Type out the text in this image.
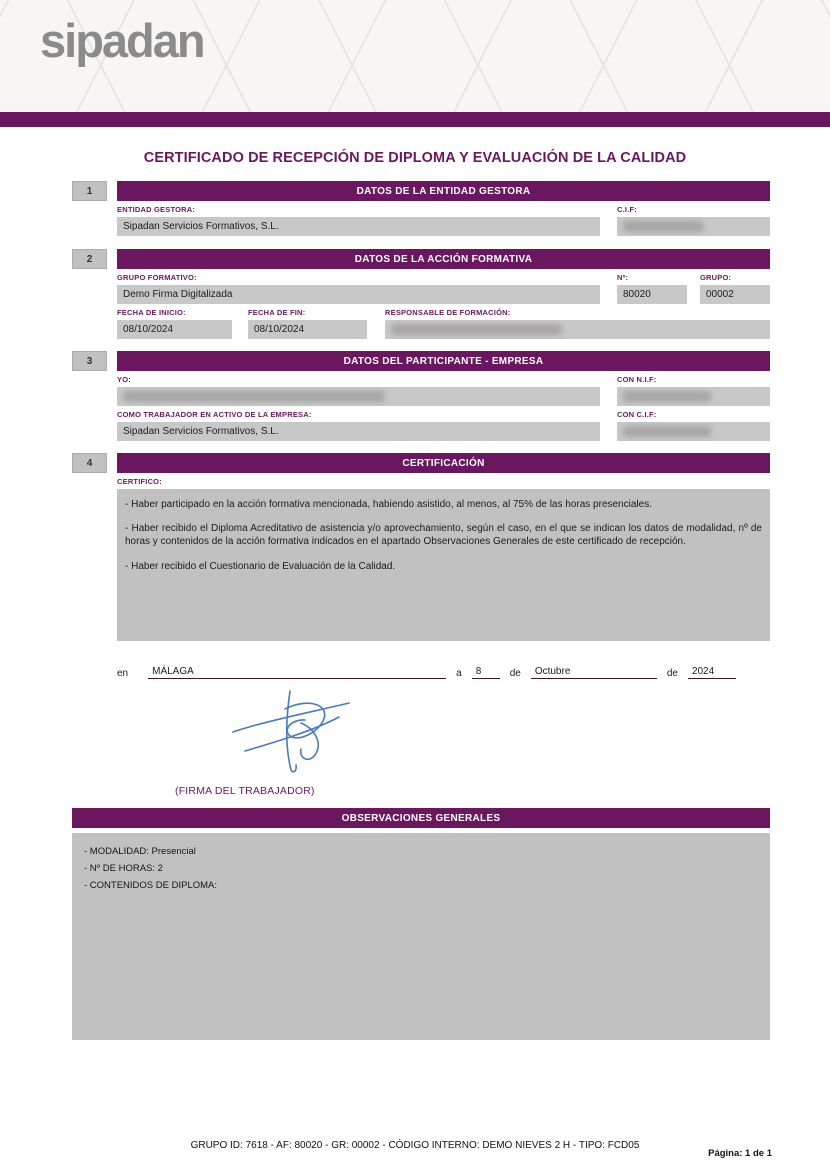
sipadan
CERTIFICADO DE RECEPCIÓN DE DIPLOMA Y EVALUACIÓN DE LA CALIDAD
1	DATOS DE LA ENTIDAD GESTORA
ENTIDAD GESTORA:
Sipadan Servicios Formativos, S.L.
C.I.F:
2	DATOS DE LA ACCIÓN FORMATIVA
GRUPO FORMATIVO:
Demo Firma Digitalizada
Nº:
80020
GRUPO:
00002
FECHA DE INICIO:
08/10/2024
FECHA DE FIN:
08/10/2024
RESPONSABLE DE FORMACIÓN:
3	DATOS DEL PARTICIPANTE - EMPRESA
YO:	CON N.I.F:
COMO TRABAJADOR EN ACTIVO DE LA EMPRESA:
Sipadan Servicios Formativos, S.L.
CON C.I.F:
4	CERTIFICACIÓN
CERTIFICO:

- Haber participado en la acción formativa mencionada, habiendo asistido, al menos, al 75% de las horas presenciales.

- Haber recibido el Diploma Acreditativo de asistencia y/o aprovechamiento, según el caso, en el que se indican los datos de modalidad, nº de horas y contenidos de la acción formativa indicados en el apartado Observaciones Generales de este certificado de recepción.

- Haber recibido el Cuestionario de Evaluación de la Calidad.

en	MÁLAGA	a	8	de	Octubre	de	2024
(FIRMA DEL TRABAJADOR)
OBSERVACIONES GENERALES
- MODALIDAD: Presencial
- Nº DE HORAS: 2
- CONTENIDOS DE DIPLOMA:
GRUPO ID: 7618 - AF: 80020 - GR: 00002 - CÓDIGO INTERNO: DEMO NIEVES 2 H - TIPO: FCD05
Página: 1 de 1
